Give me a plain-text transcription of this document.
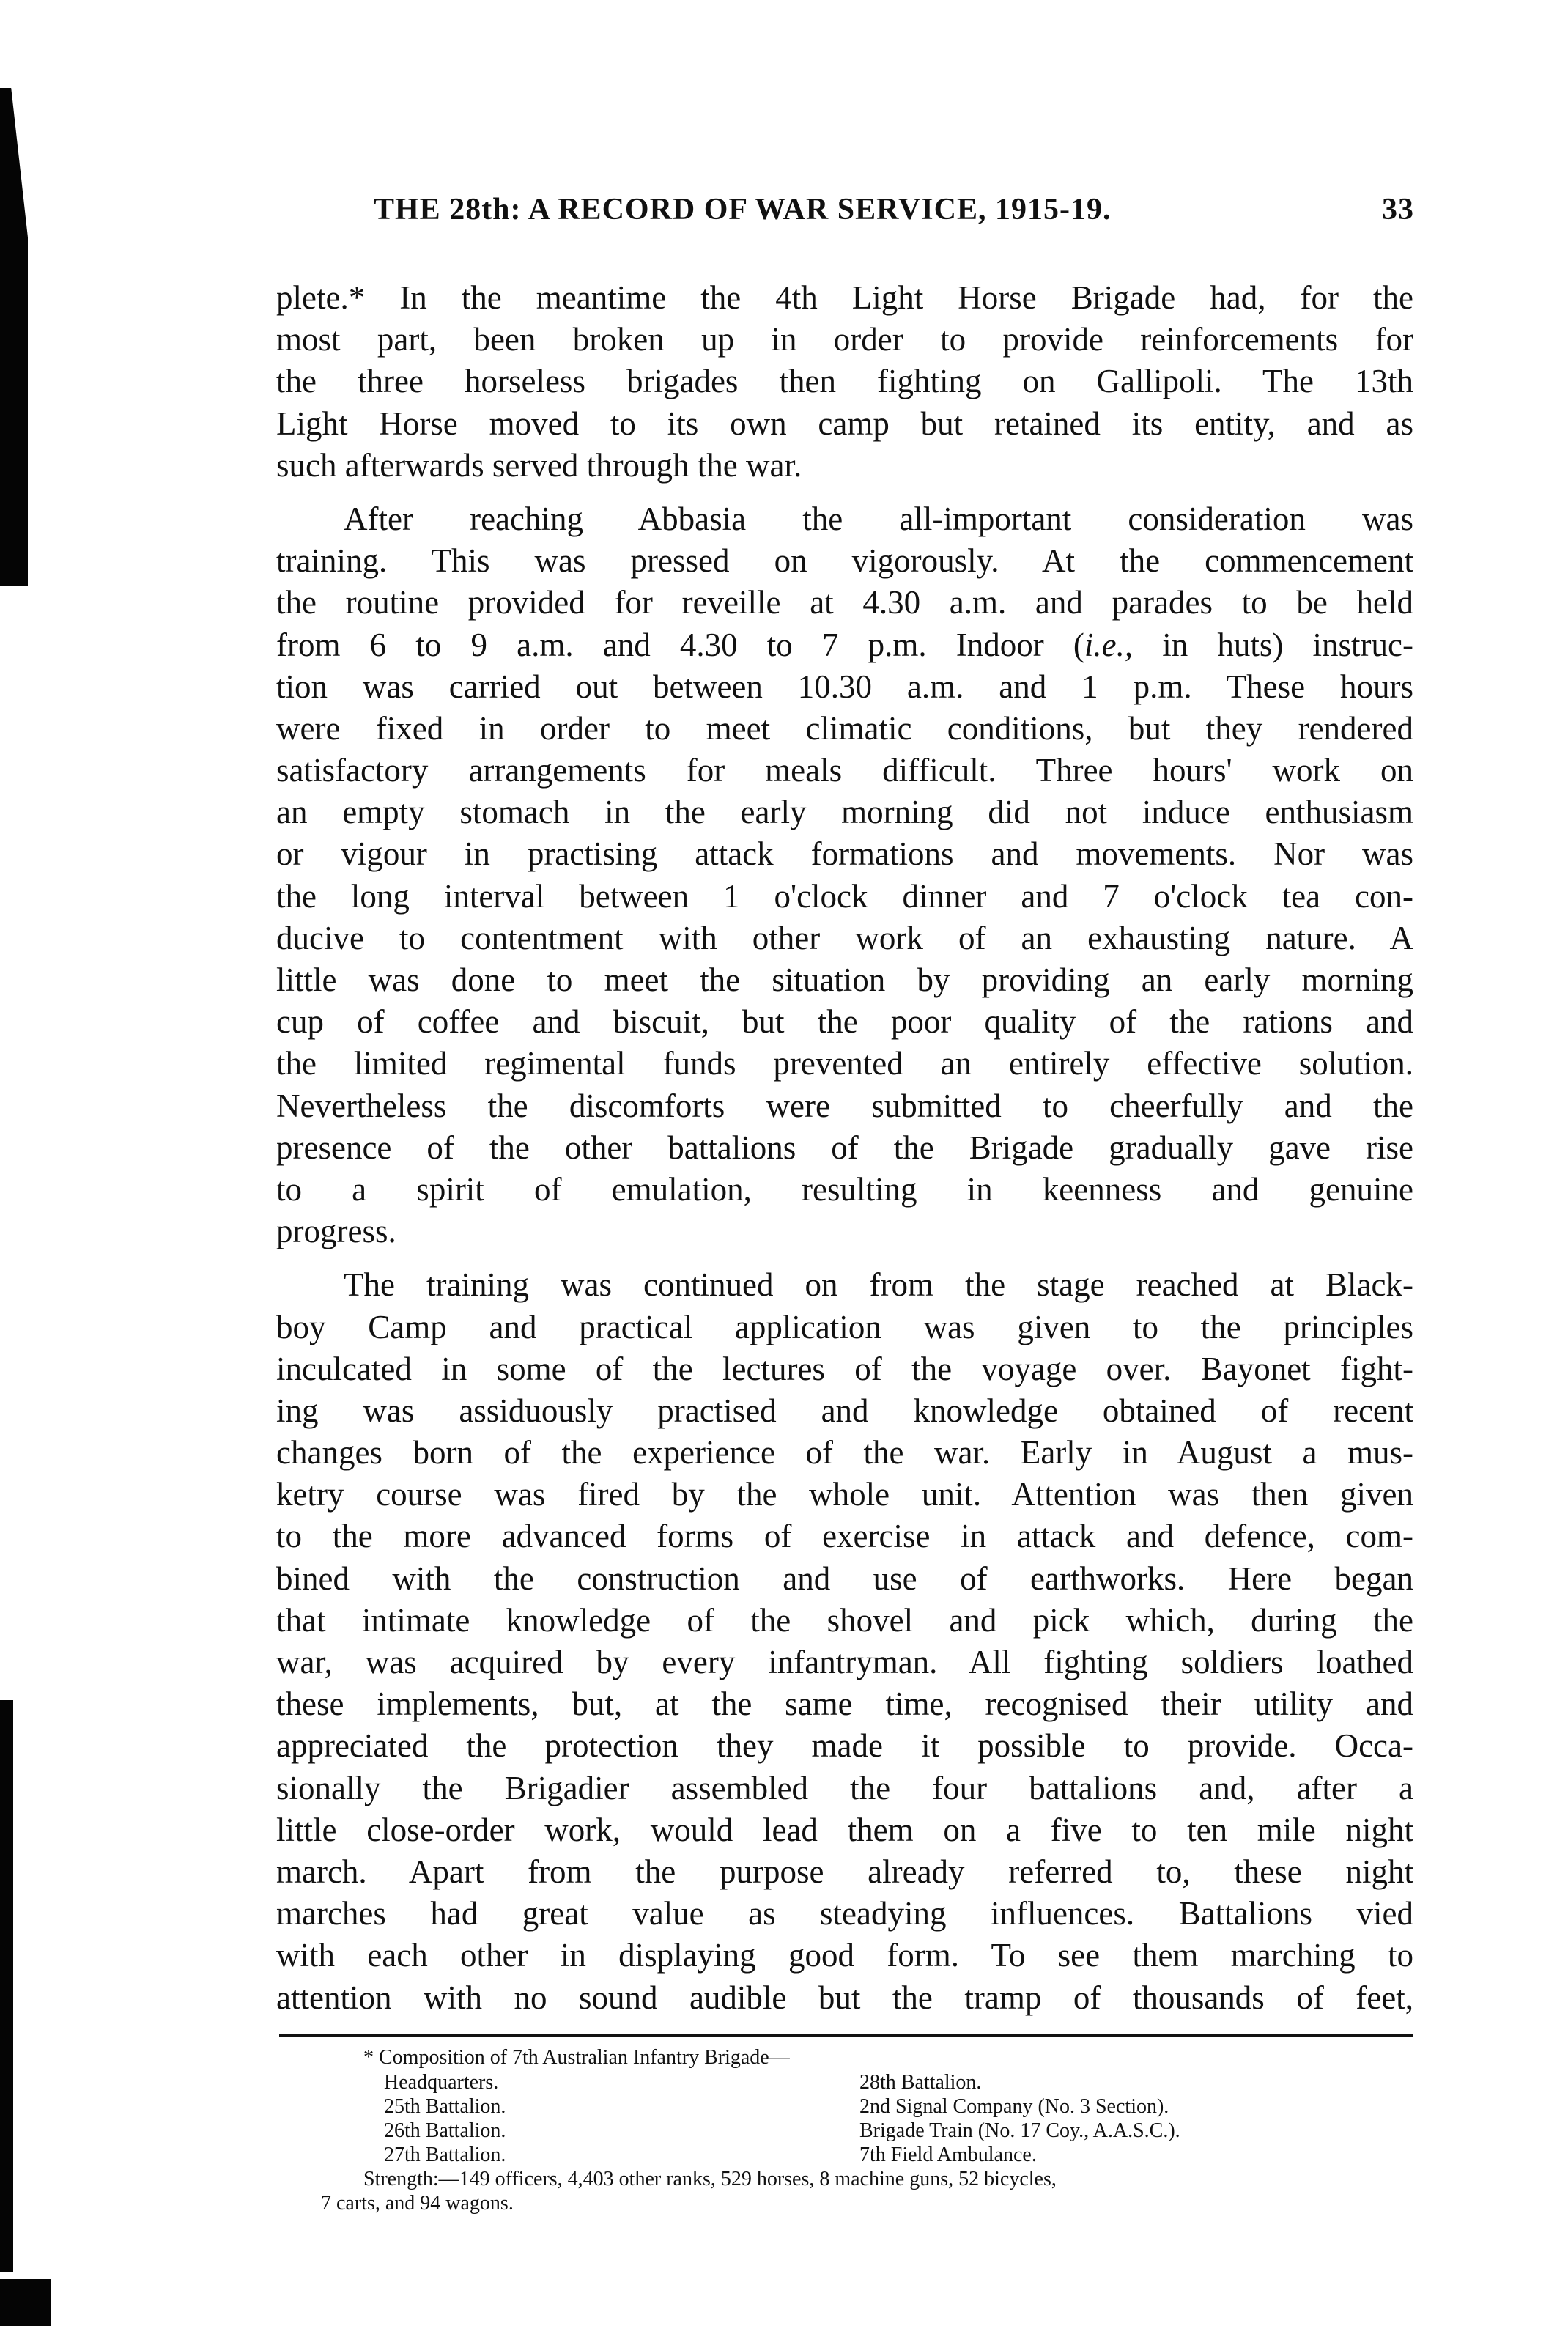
THE 28th: A RECORD OF WAR SERVICE, 1915-19.	33
plete.* In the meantime the 4th Light Horse Brigade had, for the
most part, been broken up in order to provide reinforcements for
the three horseless brigades then fighting on Gallipoli. The 13th
Light Horse moved to its own camp but retained its entity, and as
such afterwards served through the war.
After reaching Abbasia the all-important consideration was
training. This was pressed on vigorously. At the commencement
the routine provided for reveille at 4.30 a.m. and parades to be held
from 6 to 9 a.m. and 4.30 to 7 p.m. Indoor (i.e., in huts) instruc-
tion was carried out between 10.30 a.m. and 1 p.m. These hours
were fixed in order to meet climatic conditions, but they rendered
satisfactory arrangements for meals difficult. Three hours' work on
an empty stomach in the early morning did not induce enthusiasm
or vigour in practising attack formations and movements. Nor was
the long interval between 1 o'clock dinner and 7 o'clock tea con-
ducive to contentment with other work of an exhausting nature. A
little was done to meet the situation by providing an early morning
cup of coffee and biscuit, but the poor quality of the rations and
the limited regimental funds prevented an entirely effective solution.
Nevertheless the discomforts were submitted to cheerfully and the
presence of the other battalions of the Brigade gradually gave rise
to a spirit of emulation, resulting in keenness and genuine
progress.
The training was continued on from the stage reached at Black-
boy Camp and practical application was given to the principles
inculcated in some of the lectures of the voyage over. Bayonet fight-
ing was assiduously practised and knowledge obtained of recent
changes born of the experience of the war. Early in August a mus-
ketry course was fired by the whole unit. Attention was then given
to the more advanced forms of exercise in attack and defence, com-
bined with the construction and use of earthworks. Here began
that intimate knowledge of the shovel and pick which, during the
war, was acquired by every infantryman. All fighting soldiers loathed
these implements, but, at the same time, recognised their utility and
appreciated the protection they made it possible to provide. Occa-
sionally the Brigadier assembled the four battalions and, after a
little close-order work, would lead them on a five to ten mile night
march. Apart from the purpose already referred to, these night
marches had great value as steadying influences. Battalions vied
with each other in displaying good form. To see them marching to
attention with no sound audible but the tramp of thousands of feet,
* Composition of 7th Australian Infantry Brigade—
Headquarters.
25th Battalion.
26th Battalion.
27th Battalion.
28th Battalion.
2nd Signal Company (No. 3 Section).
Brigade Train (No. 17 Coy., A.A.S.C.).
7th Field Ambulance.
Strength:—149 officers, 4,403 other ranks, 529 horses, 8 machine guns, 52 bicycles,
7 carts, and 94 wagons.
